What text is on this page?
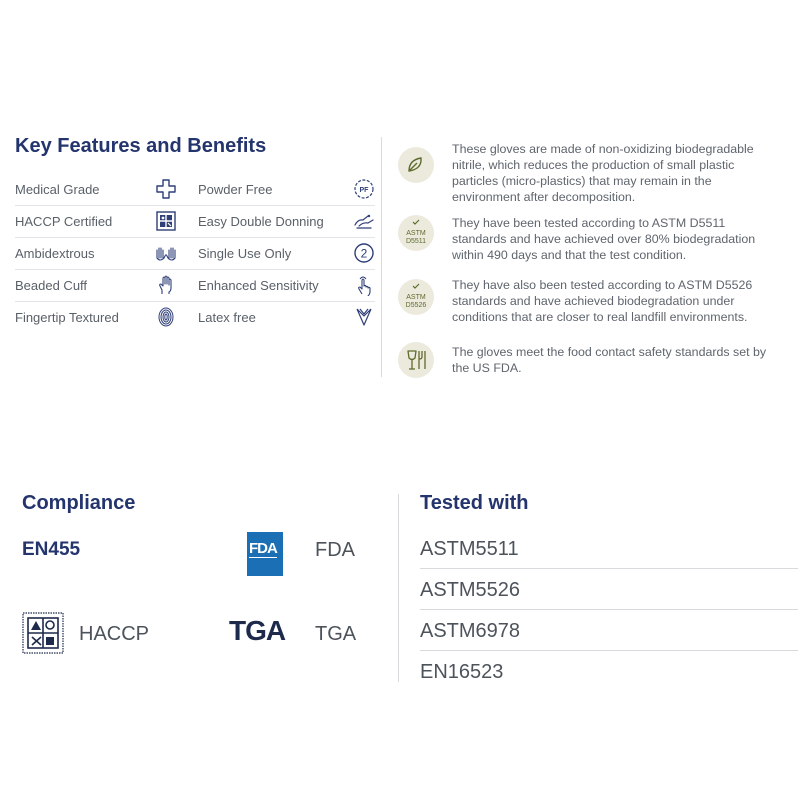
Key Features and Benefits
Medical Grade	Powder Free	PF
HACCP Certified	Easy Double Donning
Ambidextrous	Single Use Only	2
Beaded Cuff	Enhanced Sensitivity
Fingertip Textured	Latex free
These gloves are made of non-oxidizing biodegradable nitrile, which reduces the production of small plastic particles (micro-plastics) that may remain in the environment after decomposition.
ASTM
D5511
They have been tested according to ASTM D5511 standards and have achieved over 80% biodegradation within 490 days and that the test condition.
ASTM
D5526
They have also been tested according to ASTM D5526 standards and have achieved biodegradation under conditions that are closer to real landfill environments.
The gloves meet the food contact safety standards set by the US FDA.
Compliance
EN455	FDA FDA
HACCP	TGA TGA
Tested with
ASTM5511
ASTM5526
ASTM6978
EN16523
